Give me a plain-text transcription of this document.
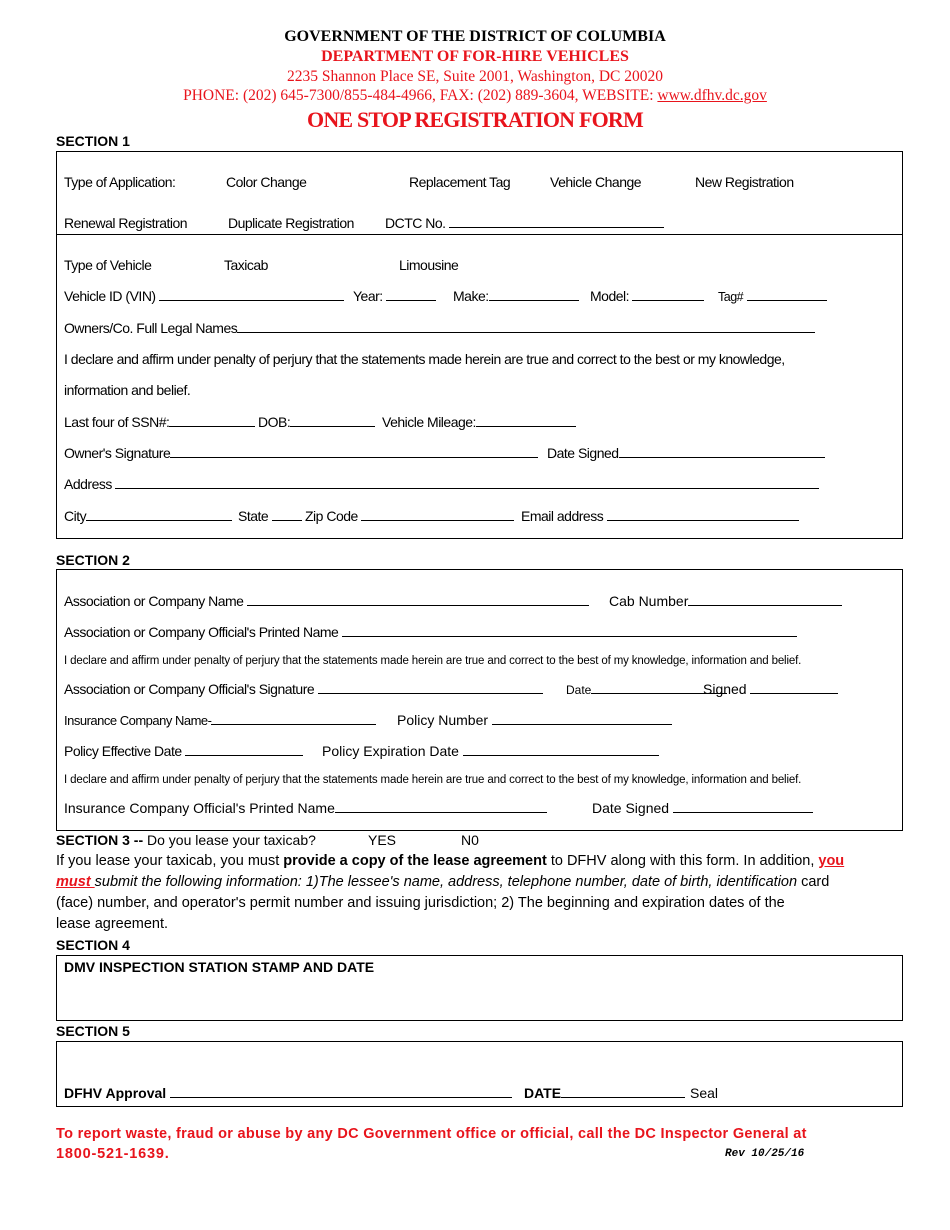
GOVERNMENT OF THE DISTRICT OF COLUMBIA
DEPARTMENT OF FOR-HIRE VEHICLES
2235 Shannon Place SE, Suite 2001, Washington, DC 20020
PHONE: (202) 645-7300/855-484-4966, FAX: (202) 889-3604, WEBSITE: www.dfhv.dc.gov
ONE STOP REGISTRATION FORM
SECTION 1
Type of Application:	Color Change	Replacement Tag	Vehicle Change	New Registration
Renewal Registration	Duplicate Registration DCTC No.
Type of Vehicle	Taxicab	Limousine
Vehicle ID (VIN)	Year:	Make:	Model:	Tag#
Owners/Co. Full Legal Names
I declare and affirm under penalty of perjury that the statements made herein are true and correct to the best or my knowledge,
information and belief.
Last four of SSN#:	DOB:	Vehicle Mileage:
Owner's Signature	Date Signed
Address
City	State	Zip Code	Email address
SECTION 2
Association or Company Name	Cab Number
Association or Company Official's Printed Name
I declare and affirm under penalty of perjury that the statements made herein are true and correct to the best of my knowledge, information and belief.
Association or Company Official's Signature	Date	Signed
Insurance Company Name-	Policy Number
Policy Effective Date	Policy Expiration Date
I declare and affirm under penalty of perjury that the statements made herein are true and correct to the best of my knowledge, information and belief.
Insurance Company Official's Printed Name	Date Signed
SECTION 3 -- Do you lease your taxicab?	YES	N0
If you lease your taxicab, you must provide a copy of the lease agreement to DFHV along with this form. In addition, you
must submit the following information: 1)The lessee's name, address, telephone number, date of birth, identification card
(face) number, and operator's permit number and issuing jurisdiction; 2) The beginning and expiration dates of the
lease agreement.
SECTION 4
DMV INSPECTION STATION STAMP AND DATE
SECTION 5
DFHV Approval	DATE	Seal
To report waste, fraud or abuse by any DC Government office or official, call the DC Inspector General at
1800-521-1639.	Rev 10/25/16
